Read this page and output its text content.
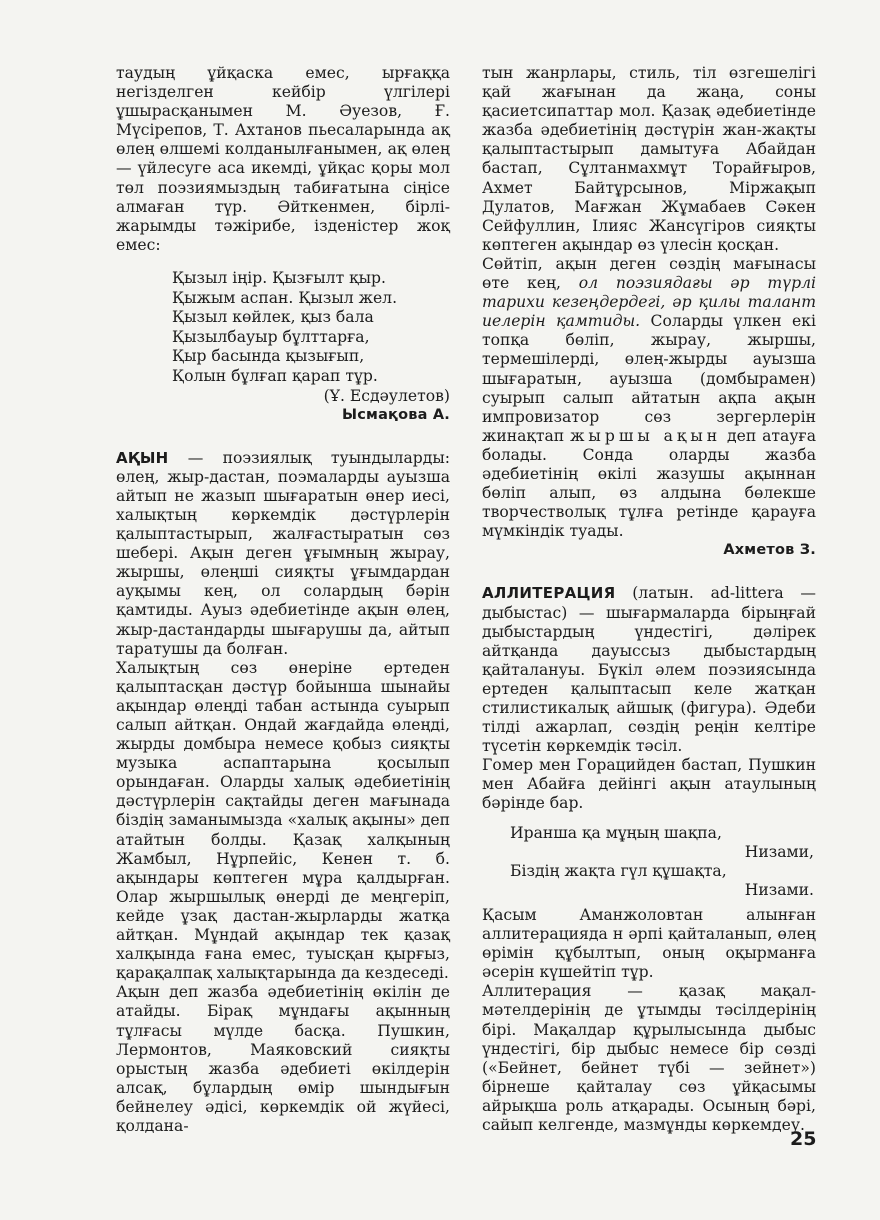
таудың ұйқаска емес, ырғаққа негізделген кейбір үлгілері ұшырасқанымен М. Әуезов, Ғ. Мүсірепов, Т. Ахтанов пьесаларында ақ өлең өлшемі колданылғанымен, ақ өлең — үйлесуге аса икемді, ұйқас қоры мол төл поэзиямыздың табиғатына сіңісе алмаған түр. Әйткенмен, бірлі-жарымды тәжірибе, ізденістер жоқ емес:

Қызыл іңір. Қызғылт қыр.
Қыжым аспан. Қызыл жел.
Қызыл көйлек, қыз бала
Қызылбауыр бұлттарға,
Қыр басында қызығып,
Қолын бұлғап қарап тұр.

(Ұ. Есдәулетов)

Ысмақова А.

АҚЫН — поэзиялық туындыларды: өлең, жыр-дастан, поэмаларды ауызша айтып не жазып шығаратын өнер иесі, халықтың көркемдік дәстүрлерін қалыптастырып, жалғастыратын сөз шебері. Ақын деген ұғымның жырау, жыршы, өлеңші сияқты ұғымдардан ауқымы кең, ол солардың бәрін қамтиды. Ауыз әдебиетінде ақын өлең, жыр-дастандарды шығарушы да, айтып таратушы да болған.

Халықтың сөз өнеріне ертеден қалыптасқан дәстүр бойынша шынайы ақындар өлеңді табан астында суырып салып айтқан. Ондай жағдайда өлеңді, жырды домбыра немесе қобыз сияқты музыка аспаптарына қосылып орындаған. Оларды халық әдебиетінің дәстүрлерін сақтайды деген мағынада біздің заманымызда «халық ақыны» деп атайтын болды. Қазақ халқының Жамбыл, Нұрпейіс, Кенен т. б. ақындары көптеген мұра қалдырған. Олар жыршылық өнерді де меңгеріп, кейде ұзақ дастан-жырларды жатқа айтқан. Мұндай ақындар тек қазақ халқында ғана емес, туысқан қырғыз, қарақалпақ халықтарында да кездеседі.

Ақын деп жазба әдебиетінің өкілін де атайды. Бірақ мұндағы ақынның тұлғасы мүлде басқа. Пушкин, Лермонтов, Маяковский сияқты орыстың жазба әдебиеті өкілдерін алсақ, бұлардың өмір шындығын бейнелеу әдісі, көркемдік ой жүйесі, қолдана-

тын жанрлары, стиль, тіл өзгешелігі қай жағынан да жаңа, соны қасиетсипаттар мол. Қазақ әдебиетінде жазба әдебиетінің дәстүрін жан-жақты қалыптастырып дамытуға Абайдан бастап, Сұлтанмахмұт Торайғыров, Ахмет Байтұрсынов, Міржақып Дулатов, Мағжан Жұмабаев Сәкен Сейфуллин, Ілияс Жансүгіров сияқты көптеген ақындар өз үлесін қосқан.

Сөйтіп, ақын деген сөздің мағынасы өте кең, ол поэзиядағы әр түрлі тарихи кезеңдердегі, әр қилы талант иелерін қамтиды. Соларды үлкен екі топқа бөліп, жырау, жыршы, термешілерді, өлең-жырды ауызша шығаратын, ауызша (домбырамен) суырып салып айтатын ақпа ақын импровизатор сөз зергерлерін жинақтап жыршы ақын деп атауға болады. Сонда оларды жазба әдебиетінің өкілі жазушы ақыннан бөліп алып, өз алдына бөлекше творчестволық тұлға ретінде қарауға мүмкіндік туады.

Ахметов З.

АЛЛИТЕРАЦИЯ (латын. ad-littera — дыбыстас) — шығармаларда бірыңғай дыбыстардың үндестігі, дәлірек айтқанда дауыссыз дыбыстардың қайталануы. Бүкіл әлем поэзиясында ертеден қалыптасып келе жатқан стилистикалық айшық (фигура). Әдеби тілді ажарлап, сөздің реңін келтіре түсетін көркемдік тәсіл.

Гомер мен Горацийден бастап, Пушкин мен Абайға дейінгі ақын атаулының бәрінде бар.

Иранша қа мұңың шақпа,
Низами,
Біздің жақта гүл құшақта,
Низами.

Қасым Аманжоловтан алынған аллитерацияда н әрпі қайталанып, өлең өрімін құбылтып, оның оқырманға әсерін күшейтіп тұр.

Аллитерация — қазақ мақал-мәтелдерінің де ұтымды тәсілдерінің бірі. Мақалдар құрылысында дыбыс үндестігі, бір дыбыс немесе бір сөзді («Бейнет, бейнет түбі — зейнет») бірнеше қайталау сөз ұйқасымы айрықша роль атқарады. Осының бәрі, сайып келгенде, мазмұнды көркемдеу.

25
